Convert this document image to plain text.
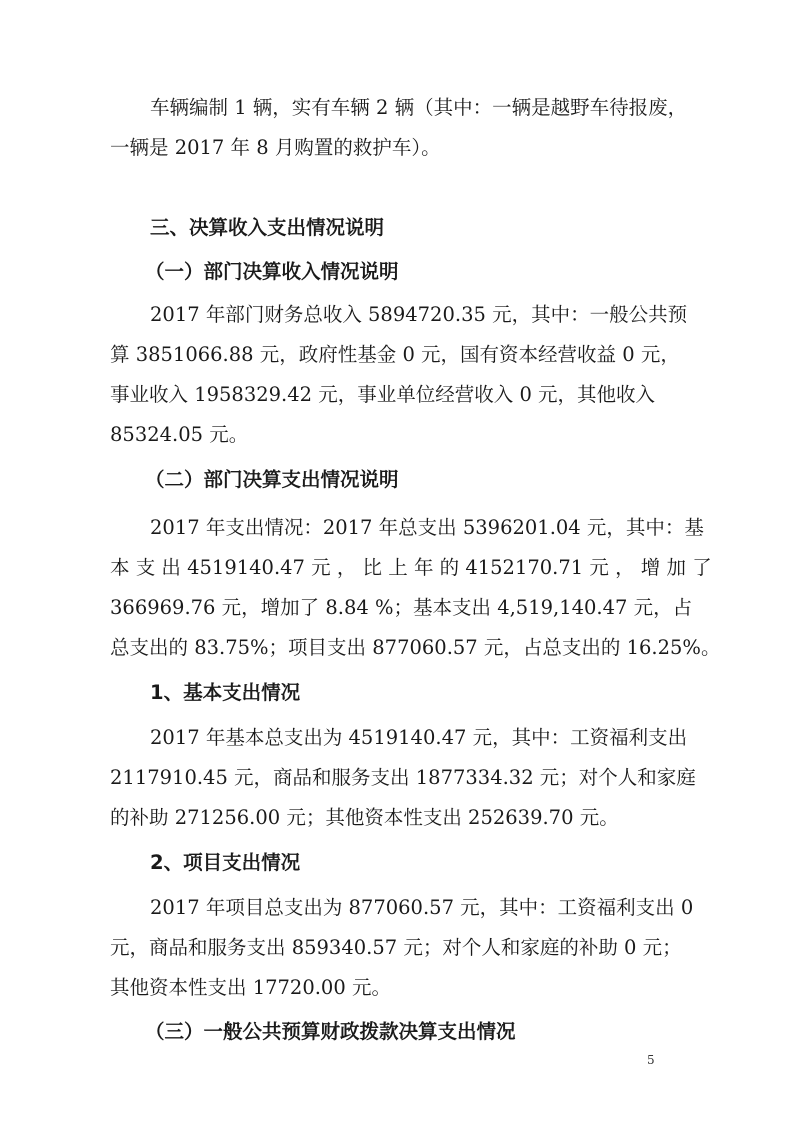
车辆编制 1 辆，实有车辆 2 辆（其中：一辆是越野车待报废，

一辆是 2017 年 8 月购置的救护车）。

三、决算收入支出情况说明

（一）部门决算收入情况说明

2017 年部门财务总收入 5894720.35 元，其中：一般公共预

算 3851066.88 元，政府性基金 0 元，国有资本经营收益 0 元，

事业收入 1958329.42 元，事业单位经营收入 0 元，其他收入

85324.05 元。

（二）部门决算支出情况说明

2017 年支出情况：2017 年总支出 5396201.04 元，其中：基

本 支 出 4519140.47 元 ， 比 上 年 的 4152170.71 元 ， 增 加 了

366969.76 元，增加了 8.84 %；基本支出 4,519,140.47 元，占

总支出的 83.75%；项目支出 877060.57 元，占总支出的 16.25%。

1、基本支出情况

2017 年基本总支出为 4519140.47 元，其中：工资福利支出

2117910.45 元，商品和服务支出 1877334.32 元；对个人和家庭

的补助 271256.00 元；其他资本性支出 252639.70 元。

2、项目支出情况

2017 年项目总支出为 877060.57 元，其中：工资福利支出 0

元，商品和服务支出 859340.57 元；对个人和家庭的补助 0 元；

其他资本性支出 17720.00 元。

（三）一般公共预算财政拨款决算支出情况

5
